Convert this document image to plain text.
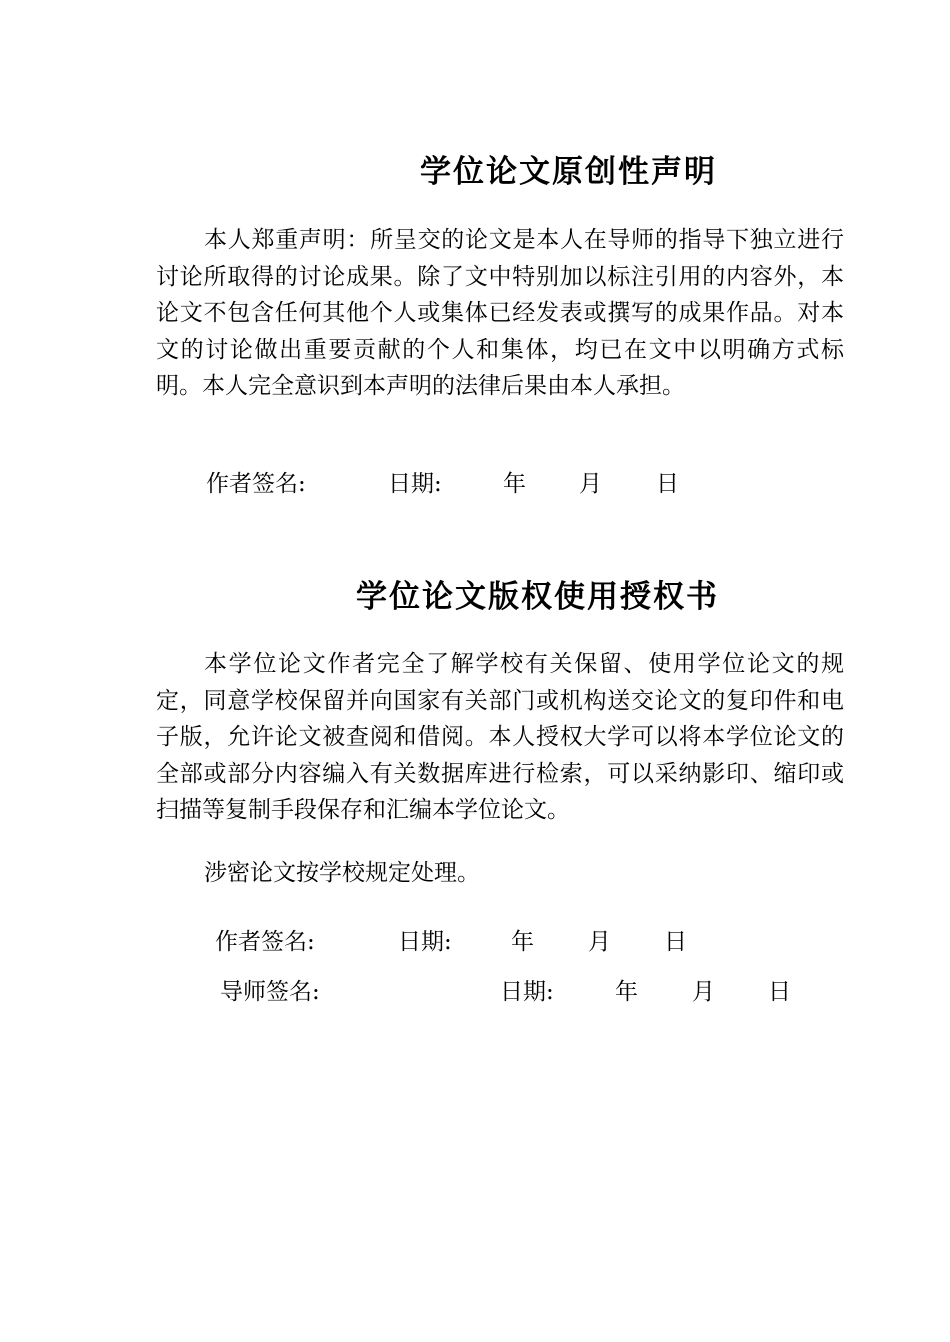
学位论文原创性声明

本人郑重声明：所呈交的论文是本人在导师的指导下独立进行讨论所取得的讨论成果。除了文中特别加以标注引用的内容外，本论文不包含任何其他个人或集体已经发表或撰写的成果作品。对本文的讨论做出重要贡献的个人和集体，均已在文中以明确方式标明。本人完全意识到本声明的法律后果由本人承担。

作者签名:	日期:	年 月 日
学位论文版权使用授权书

本学位论文作者完全了解学校有关保留、使用学位论文的规定，同意学校保留并向国家有关部门或机构送交论文的复印件和电子版，允许论文被查阅和借阅。本人授权大学可以将本学位论文的全部或部分内容编入有关数据库进行检索，可以采纳影印、缩印或扫描等复制手段保存和汇编本学位论文。

涉密论文按学校规定处理。

作者签名:	日期:	年 月 日
导师签名:	日期:	年 月 日
